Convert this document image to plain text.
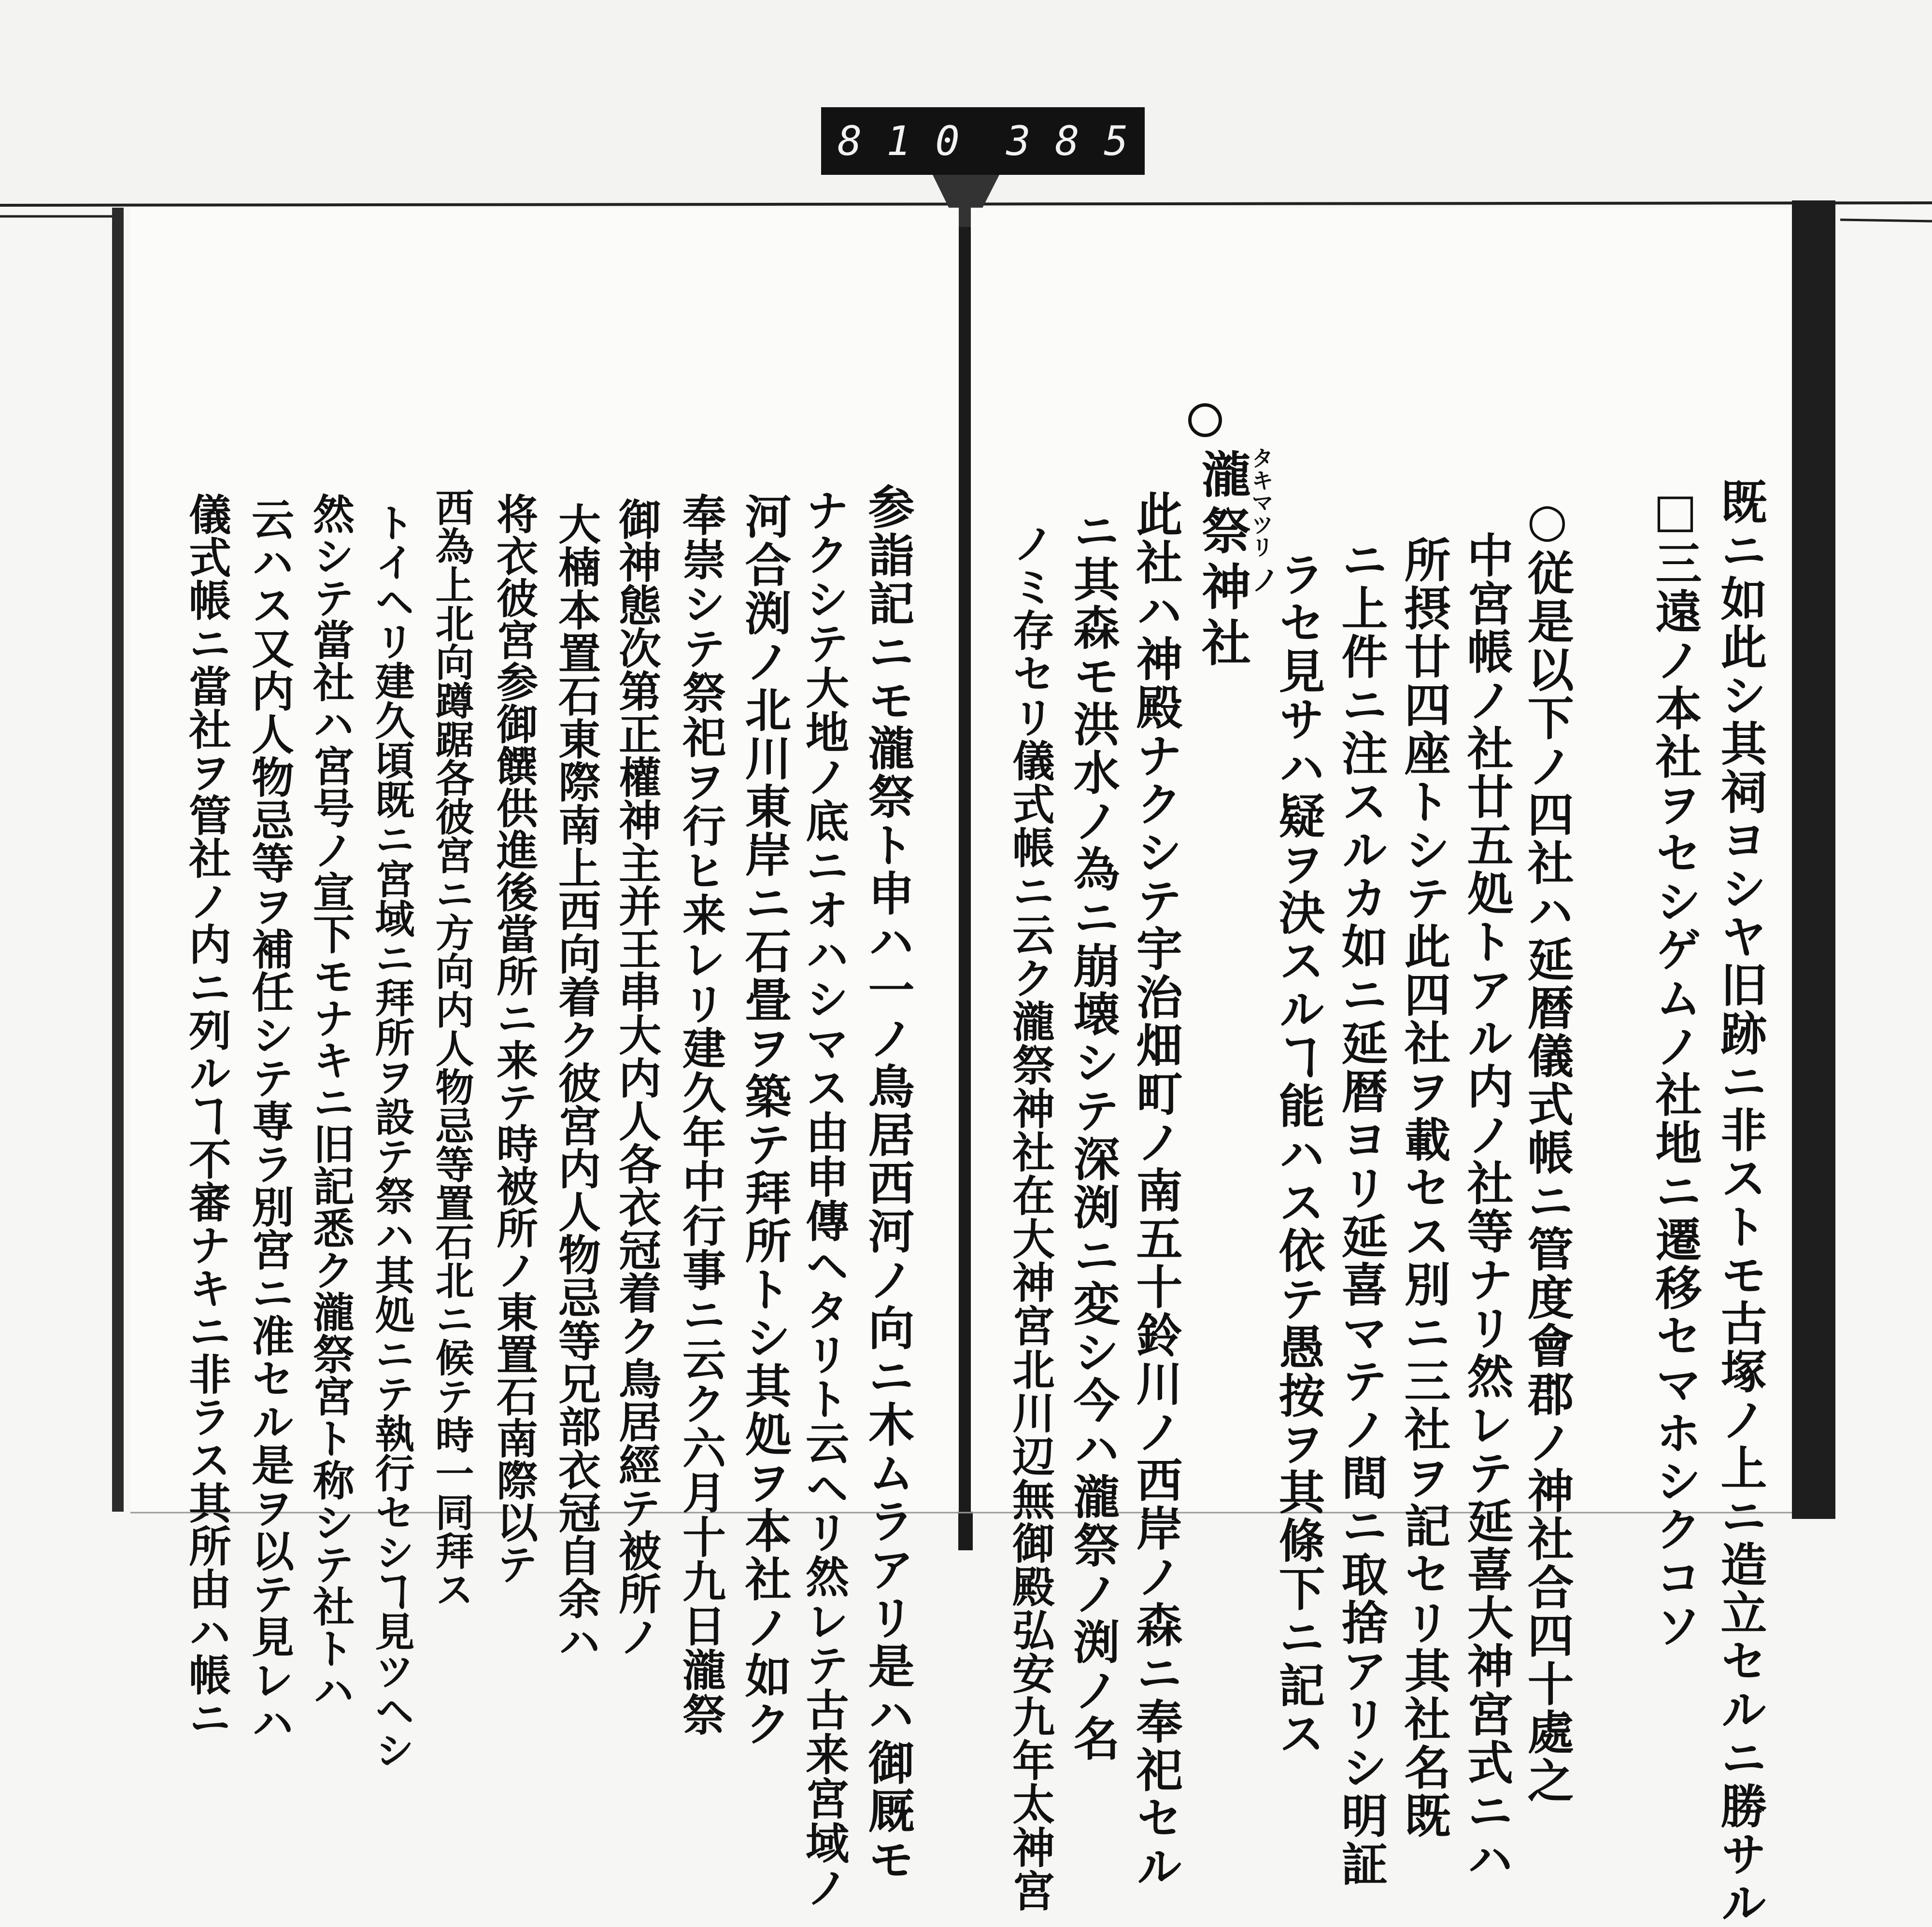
8 1 0 3 8 5
既ニ如此シ其祠ヨシヤ旧跡ニ非ストモ古塚ノ上ニ造立セルニ勝サル
□三遠ノ本社ヲセシゲムノ社地ニ遷移セマホシクコソ
○従是以下ノ四社ハ延暦儀式帳ニ管度會郡ノ神社合四十處之
中宮帳ノ社廿五処トアル内ノ社等ナリ然レテ延喜大神宮式ニハ
所摂廿四座トシテ此四社ヲ載セス別ニ三社ヲ記セリ其社名既
ニ上件ニ注スルカ如ニ延暦ヨリ延喜マテノ間ニ取捨アリシ明証
ラセ見サハ疑ヲ決スルヿ能ハス依テ愚按ヲ其條下ニ記ス
瀧祭神社
タキマツリ
ノ
此社ハ神殿ナクシテ宇治畑町ノ南五十鈴川ノ西岸ノ森ニ奉祀セル
ニ其森モ洪水ノ為ニ崩壊シテ深渕ニ変シ今ハ瀧祭ノ渕ノ名
ノミ存セリ儀式帳ニ云ク瀧祭神社在大神宮北川辺無御殿弘安九年太神宮
参詣記ニモ瀧祭ト申ハ一ノ鳥居西河ノ向ニ木ムラアリ是ハ御厩モ
ナクシテ大地ノ底ニオハシマス由申傳ヘタリト云ヘリ然レテ古来宮域ノ
河合渕ノ北川東岸ニ石畳ヲ築テ拜所トシ其処ヲ本社ノ如ク
奉崇シテ祭祀ヲ行ヒ来レリ建久年中行事ニ云ク六月十九日瀧祭
御神態次第正權神主并王串大内人各衣冠着ク鳥居經テ被所ノ
大楠本置石東際南上西向着ク彼宮内人物忌等兄部衣冠自余ハ
将衣彼宮参御饌供進後當所ニ来テ時被所ノ東置石南際以テ
西為上北向蹲踞各彼宮ニ方向内人物忌等置石北ニ候テ時一同拜ス
トイヘリ建久頃既ニ宮域ニ拜所ヲ設テ祭ハ其処ニテ執行セシヿ見ツヘシ
然シテ當社ハ宮号ノ宣下モナキニ旧記悉ク瀧祭宮ト称シテ社トハ
云ハス又内人物忌等ヲ補任シテ専ラ別宮ニ准セル是ヲ以テ見レハ
儀式帳ニ當社ヲ管社ノ内ニ列ルヿ不審ナキニ非ラス其所由ハ帳ニ
